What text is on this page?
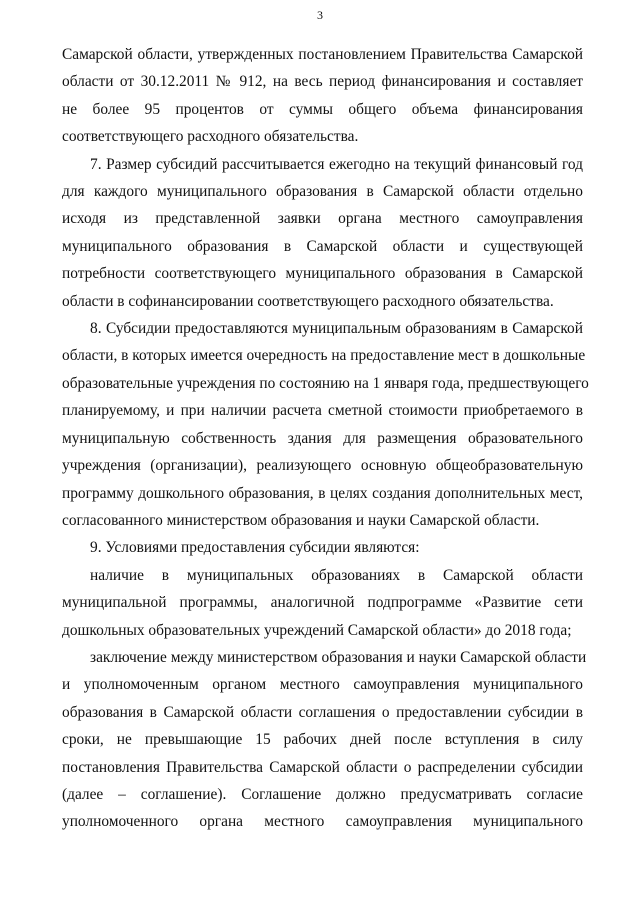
3
Самарской области, утвержденных постановлением Правительства Самарской
области от 30.12.2011 № 912, на весь период финансирования и составляет
не более 95 процентов от суммы общего объема финансирования
соответствующего расходного обязательства.
7. Размер субсидий рассчитывается ежегодно на текущий финансовый год
для каждого муниципального образования в Самарской области отдельно
исходя из представленной заявки органа местного самоуправления
муниципального образования в Самарской области и существующей
потребности соответствующего муниципального образования в Самарской
области в софинансировании соответствующего расходного обязательства.
8. Субсидии предоставляются муниципальным образованиям в Самарской
области, в которых имеется очередность на предоставление мест в дошкольные
образовательные учреждения по состоянию на 1 января года, предшествующего
планируемому, и при наличии расчета сметной стоимости приобретаемого в
муниципальную собственность здания для размещения образовательного
учреждения (организации), реализующего основную общеобразовательную
программу дошкольного образования, в целях создания дополнительных мест,
согласованного министерством образования и науки Самарской области.
9. Условиями предоставления субсидии являются:
наличие в муниципальных образованиях в Самарской области
муниципальной программы, аналогичной подпрограмме «Развитие сети
дошкольных образовательных учреждений Самарской области» до 2018 года;
заключение между министерством образования и науки Самарской области
и уполномоченным органом местного самоуправления муниципального
образования в Самарской области соглашения о предоставлении субсидии в
сроки, не превышающие 15 рабочих дней после вступления в силу
постановления Правительства Самарской области о распределении субсидии
(далее – соглашение). Соглашение должно предусматривать согласие
уполномоченного органа местного самоуправления муниципального
